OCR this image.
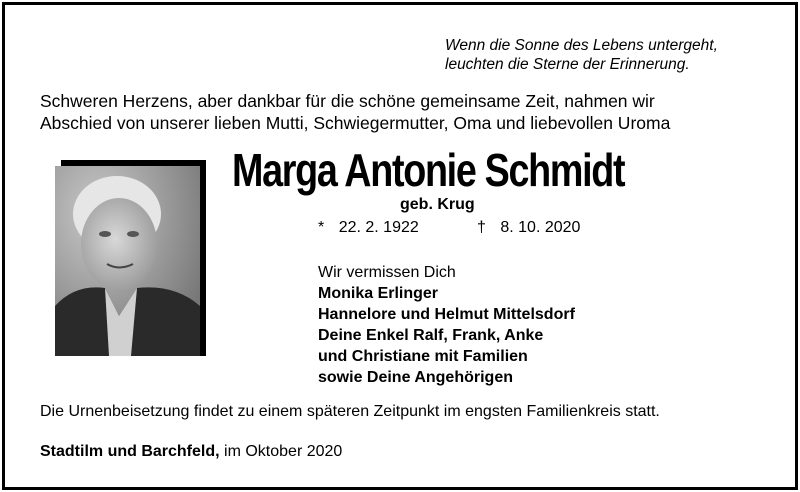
Wenn die Sonne des Lebens untergeht,
leuchten die Sterne der Erinnerung.
Schweren Herzens, aber dankbar für die schöne gemeinsame Zeit, nahmen wir
Abschied von unserer lieben Mutti, Schwiegermutter, Oma und liebevollen Uroma
Marga Antonie Schmidt
geb. Krug
* 22. 2. 1922	† 8. 10. 2020
Wir vermissen Dich
Monika Erlinger
Hannelore und Helmut Mittelsdorf
Deine Enkel Ralf, Frank, Anke
und Christiane mit Familien
sowie Deine Angehörigen
Die Urnenbeisetzung findet zu einem späteren Zeitpunkt im engsten Familienkreis statt.
Stadtilm und Barchfeld, im Oktober 2020
